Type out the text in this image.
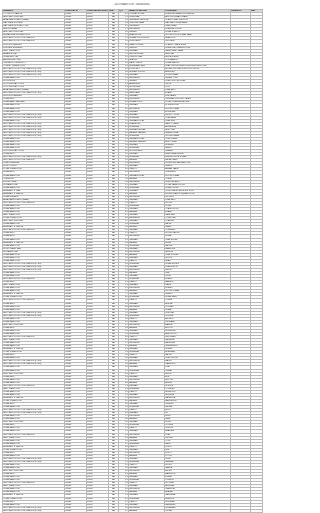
ALLOTMENT LIST - RECEIVING
REMARKS	PRINCIPAL ID	PRINCIPAL/DECKPAL ID	DEST	QTY	NAME OF SHIPPER	CONSIGNEE	ORDER NO	BAL
TO OUR CO SAMPLE	ID0041	49923	AB	4.5	COMPAS STONE	FRESH NET/MARK INTEGRATED		
BEST BEST PRINTING	ID0041	46926	AB	3.5	CERBONAL	AIRCON PRIMARY MARK		
ALBATRAIN FOREST (SEAN)	ID0041	49926	AB	3.3	GERIMEND LACE SET	CLARK JONES SURPLUS		
MAX CARE & FOREST	ID0041	49925	AB	2.8	VENTURE DEAN	MAX WAY 4 ROSE BANK		
MAX CARE (SPECIAL) CORP	ID0041	49926	AB	4.1	GERIMEND	CARE DEAN		
NESTLE JAPAN	ID0041	49926	AB	2.7	MILLENIUM	PREMIUM FOODS		
BEST BEST PRINTING	ID0041	49926	AB	3.0	GERBIN	PRIME STARCO		
NISSAN FINE DISTRIBUTORS	ID0041	49924	AB	2.1	BEAN FILTER	ROUTE ROUTE STRAW LAND		
NELO BEST FOOD CORPORATION	ID0041	49925	AB	4.1	DURAM FOOD GROUP	NEARTOOL		
NELO BEST FOOD CORPORATION	ID0041	49924	AB	3.9	FRIGO BEST	LIDO BEST		
FRUITS IN CARRIER	ID0041	49925	AB	4.0	SMART & FREE	CLASSIC TRADE BURE		
FURTHER BUSINESS	ID0041	49925	AB	3.2	GUERIN	PINES ONE TRADING CORP		
FAST TRAIN FOOD	ID0041	49926	AB	3.0	GERMAN	LANES MEET SEAM		
BALANCE ONE	ID0041	49926	AB	2.1	MELTIN HOUSE	NEUTRAL		
PRIME BEST (M)	ID0041	49926	AB	4.5	TEMPLE STAR	NIKITA GREEN		
AMOBILE ME CORP	ID0041	49925	AB	3.7	SEA LIST	OLD MANSOO		
THE MELLO UNIVERSITY	ID0041	49926	AB	2.0	MAGIC UNION	PRIME RADIUS		
TO BEST PRIMER CORP	ID0041	49921	AB	3.3	RIVERMANZ MFG	PRACTICE DISTRIBUTION WORKS FILE CORP		
NELO BEST FOOD CORPORATION (PTRN)	ID0041	49926	AB	4.0	FOOD UNIT	BOUND DISTRIBUTION FOOD GROUP		
NELO BEST FOOD CORPORATION (PTRN)	ID0041	49921	AB	3.8	DEVIANT FOODS	ASSISTED		
NELO BEST FOOD CORPORATION (PTRN)	ID0041	49926	AB	2.4	GERMAN	POLESTREAM		
PRIME HAM FOOD	ID0041	49926	AB	4.3	MILLENIUM	INN AIR TYPE		
SLOW MOVE	ID0041	49926	AB	2.7	GERBIN	PREVIOUS PRE SCAN		
POLO SPECIAL - FOOD	ID0041	49923	AB	3.3	ANDERSON	ICE JR		
POLO SPECIAL - FOOD	ID0041	49925	AB	3.5	NUTRE BEST	LYLE		
ALBATRAIN FOREST (SEAN)	ID0041	49925	AB	1.3	MILLENIUM	STAR BEST		
NELO BEST FOOD CORPORATION (PTRN)	ID0041	49925	AB	3.0	SAFE LAND	FRANK		
FRUITS IN CARRIER	ID0041	49924	AB	2.5	GERMAN	VEN LANES		
PRIME BEST	ID0041	49926	AB	4.0	MILLENIUM	ORIGINAL GROCERY LANES		
PRIME HAM - MAX BEST	ID0041	49926	AB	4.4	DURAM FOOD	LOYAL COMMUNICATIONS		
PRIME HAM FOOD	ID0041	49926	AB	2.5	GERMAN	SPRINGS DIVE		
PRIME HAM FOOD	ID0041	49922	AB	3.2	MILLENIUM	ROUTE STRAW		
PRIME HAM FOOD	ID0041	49926	AB	2.2	GERMAN	MOUNTAIN		
NELO BEST FOOD CORPORATION (PTRN)	ID0041	49925	AB	4.0	GERMAN	FELICITY CORP		
NELO BEST FOOD CORPORATION (PTRN)	ID0041	49926	AB	3.9	SUNSHINE	TREE FARM		
PRIME HAM FOOD	ID0041	49926	AB	2.1	GERMAN LOCAL	STAR SUN		
NELO BEST FOOD CORPORATION (PTRN)	ID0041	49926	AB	2.8	FRAMWORK	HAPPY TRADE		
NELO BEST FOOD CORPORATION (PTRN)	ID0041	49925	AB	4.2	SUNSHINE	ALUMINIUM		
NELO BEST FOOD CORPORATION (PTRN)	ID0041	49926	AB	1.9	GERMAN GLOBAL	BEST LINE		
NELO BEST FOOD CORPORATION (PTRN)	ID0041	49926	AB	3.5	FARMER GARDEN	GREEN PRIME		
NELO BEST FOOD CORPORATION (PTRN)	ID0041	49926	AB	3.0	SUNSHINE	CROSS FRAME		
PRIME HAM FOOD	ID0041	49926	AB	4.1	GERMAN LOCAL	TRUE PRIME		
PRIME HAM FOOD	ID0041	49924	AB	3.4	FARMER GARDEN	BEST PRIME		
PRIME HAM FOOD	ID0041	49926	AB	2.6	GERMAN	SUNRISE		
PRIME HAM FOOD	ID0041	49926	AB	3.5	SUNSHINE	SANDO		
POLO SPECIAL - FOOD	ID0041	49926	AB	4.0	GOOGLE BEST	LEADER		
PRIME BEST	ID0041	49926	AB	3.5	GERMAN	SAND SEAM HOUSE		
NELO BEST FOOD CORPORATION (PTRN)	ID0041	49926	AB	2.8	SUNSHINE	LEMON ROUTE STRAW		
NELO BEST FOOD CORPORATION	ID0041	49925	AB	3.9	FARMER	FACIAL LAND		
STEEL UNIVERSE	ID0041	49926	AB	4.1	MILLENIUM	PROMOTED SATISFACTION		
FROSTY FIELD	ID0041	49926	AB	2.3	GERMAN	GRACE		
LOCAL PRIME FOOD	ID0041	49924	AB	3.0	LIBERTY	ANIMAL TABLE		
PRIME BEST	ID0041	49926	AB	3.6	MILLENIUM	CREDENCE		
PRIME HAM FOOD	ID0041	49926	AB	4.2	GERMAN LOCAL	ROUTE STRAW		
CLAYMORE	ID0041	49926	AB	2.4	FARMER	TREND		
EXPORT WINE	ID0041	49922	AB	3.8	MILLENIUM	VENTURE BEST		
FLEXABLE LINE	ID0041	49926	AB	3.1	GERMAN	LOCAL FARM GOODS		
PRIME HAM FOOD	ID0041	49925	AB	4.0	SUNSHINE	PRIME CROSS		
ASSEMBLY & TEMP	ID0041	49926	AB	2.7	GERMAN	CORPORATE PRESS MULTIPLE		
ASSEMBLY & TEMPLE	ID0041	49926	AB	3.3	FARMER	ROUND FLAVOR SQUARE FOOD		
PRIME ELEMENT	ID0041	49924	AB	4.4	MILLENIUM	GROWTH		
ALBATRAIN FOREST (SEAN)	ID0041	49926	AB	2.9	GERMAN	STAR BEST		
NELO BEST FOOD CORPORATION	ID0041	49926	AB	3.5	LIBERTY	ROUTE		
PRIME HAM FOOD	ID0041	49926	AB	2.2	SUNSHINE	LIONS		
PRIME HAM FOOD	ID0041	49925	AB	4.1	GERMAN	TRADE ROUTE		
PRIME HAM FOOD	ID0041	49926	AB	3.0	FARMER	FRANK		
FAST TRAIN FOOD	ID0041	49926	AB	3.7	GERMAN	LANE WAY		
LOCAL PRIME FOOD	ID0041	49926	AB	4.0	MILLENIUM	TOWN ONE		
BEST BEST PRINTING	ID0041	49922	AB	2.5	GERMAN	TRADING		
PRIME HAM FOOD	ID0041	49926	AB	3.4	SUNSHINE	VALUE		
ASSEMBLY & TEMPLE	ID0041	49926	AB	2.6	FARMER	SMART		
NELO BEST FOOD CORPORATION	ID0041	49926	AB	4.2	GERMAN	TOWNSHIP		
PRIME BEST	ID0041	49925	AB	3.1	LIBERTY	ROUND PANTRY		
PRIME BEST	ID0041	49926	AB	2.8	MILLENIUM	PRIME		
PRIME HAM FOOD	ID0041	49926	AB	3.9	GERMAN	STAR HOUSE		
ASSEMBLY & TEMPLE	ID0041	49926	AB	4.3	FARMER	HOME		
PRIME HAM FOOD	ID0041	49926	AB	2.0	SUNSHINE	NATION		
FOOD TRAVEL MAX	ID0041	49924	AB	3.3	GERMAN	MEADOWS		
FLEXABLE LINE	ID0041	49926	AB	3.6	MILLENIUM	NELSON		
PRIME HAM FOOD	ID0041	49926	AB	4.0	FARMER	STAR STORES		
PRIME HAM FOOD	ID0041	49926	AB	2.4	GERMAN	SOUTH		
PRIME HAM FOOD	ID0041	49925	AB	3.2	LIBERTY	DEAN		
NELO BEST FOOD CORPORATION (PTRN)	ID0041	49926	AB	3.8	SUNSHINE	PRIME WORKS		
NELO BEST FOOD CORPORATION (PTRN)	ID0041	49926	AB	2.9	GERMAN	STAR NORTH		
NELO BEST FOOD CORPORATION (PTRN)	ID0041	49926	AB	4.1	MILLENIUM	UNION		
PRIME HAM FOOD	ID0041	49924	AB	3.0	FARMER	LINE		
PRIME HAM FOOD	ID0041	49926	AB	2.6	GERMAN	VISTA		
NELO BEST FOOD CORPORATION	ID0041	49926	AB	3.7	SUNSHINE	FRESH		
PRIME BEST	ID0041	49926	AB	4.4	LIBERTY	HARBOR		
FAST TRAIN FOOD	ID0041	49925	AB	2.3	GERMAN	OASIS		
PRIME HAM FOOD	ID0041	49926	AB	3.5	MILLENIUM	SUMMIT		
PRIME HAM FOOD	ID0041	49926	AB	3.9	FARMER	ROUTE STRAW		
ASSEMBLY & TEMPLE	ID0041	49926	AB	2.7	GERMAN	LEGACY		
LOCAL PRIME FOOD	ID0041	49926	AB	4.0	SUNSHINE	PRIME GATE		
NELO BEST FOOD CORPORATION	ID0041	49924	AB	3.1	LIBERTY	TOWER		
PRIME BEST	ID0041	49926	AB	2.8	GERMAN	BRIDGE		
PRIME HAM FOOD	ID0041	49926	AB	3.6	MILLENIUM	CORNER		
PRIME HAM FOOD	ID0041	49926	AB	4.2	FARMER	PLAZA		
NELO BEST FOOD CORPORATION (PTRN)	ID0041	49925	AB	2.5	GERMAN	CENTRAL		
NELO BEST FOOD CORPORATION (PTRN)	ID0041	49926	AB	3.3	SUNSHINE	GOLDEN		
PRIME HAM FOOD	ID0041	49926	AB	3.0	LIBERTY	ANCHOR		
PRIME HAM FOOD	ID0041	49926	AB	4.1	GERMAN	ORCHARD		
BEST BEST PRINTING	ID0041	49926	AB	2.2	MILLENIUM	MARKET		
PRIME BEST	ID0041	49924	AB	3.8	FARMER	HILLTOP		
PRIME HAM FOOD	ID0041	49926	AB	3.4	GERMAN	RIVERSIDE		
PRIME HAM FOOD	ID0041	49926	AB	2.9	SUNSHINE	EASTWOOD		
NELO BEST FOOD CORPORATION	ID0041	49926	AB	4.0	LIBERTY	WESTGATE		
FAST TRAIN FOOD	ID0041	49925	AB	3.2	GERMAN	LAKESIDE		
PRIME HAM FOOD	ID0041	49926	AB	2.7	MILLENIUM	PARKVIEW		
PRIME HAM FOOD	ID0041	49926	AB	3.9	FARMER	GREENFIELD		
ASSEMBLY & TEMPLE	ID0041	49926	AB	4.3	GERMAN	SUNSET		
LOCAL PRIME FOOD	ID0041	49926	AB	2.4	SUNSHINE	HIGHLAND		
PRIME BEST	ID0041	49924	AB	3.6	LIBERTY	VALLEY		
PRIME HAM FOOD	ID0041	49926	AB	3.0	GERMAN	CRESTWOOD		
NELO BEST FOOD CORPORATION (PTRN)	ID0041	49926	AB	4.2	MILLENIUM	MAPLE		
NELO BEST FOOD CORPORATION (PTRN)	ID0041	49926	AB	2.8	FARMER	OAKWOOD		
PRIME HAM FOOD	ID0041	49925	AB	3.5	GERMAN	PINE		
PRIME HAM FOOD	ID0041	49926	AB	3.1	SUNSHINE	CEDAR		
BEST BEST PRINTING	ID0041	49926	AB	4.0	LIBERTY	BIRCH		
PRIME BEST	ID0041	49926	AB	2.6	GERMAN	ELM		
PRIME HAM FOOD	ID0041	49926	AB	3.7	MILLENIUM	WILLOW		
PRIME HAM FOOD	ID0041	49924	AB	4.4	FARMER	ASPEN		
NELO BEST FOOD CORPORATION	ID0041	49926	AB	2.3	GERMAN	SPRUCE		
FAST TRAIN FOOD	ID0041	49926	AB	3.3	SUNSHINE	CYPRESS		
PRIME HAM FOOD	ID0041	49926	AB	3.9	LIBERTY	REDWOOD		
PRIME HAM FOOD	ID0041	49925	AB	2.5	GERMAN	SEQUOIA		
ASSEMBLY & TEMPLE	ID0041	49926	AB	4.1	MILLENIUM	MAGNOLIA		
LOCAL PRIME FOOD	ID0041	49926	AB	3.0	FARMER	HAWTHORN		
PRIME BEST	ID0041	49926	AB	3.6	GERMAN	JUNIPER		
PRIME HAM FOOD	ID0041	49926	AB	2.9	SUNSHINE	LAUREL		
NELO BEST FOOD CORPORATION (PTRN)	ID0041	49924	AB	4.2	LIBERTY	HOLLY		
NELO BEST FOOD CORPORATION (PTRN)	ID0041	49926	AB	3.4	GERMAN	IVY		
PRIME HAM FOOD	ID0041	49926	AB	2.7	MILLENIUM	FERN		
PRIME HAM FOOD	ID0041	49926	AB	3.8	FARMER	SAGE		
BEST BEST PRINTING	ID0041	49925	AB	4.0	GERMAN	MOSS		
PRIME BEST	ID0041	49926	AB	3.1	SUNSHINE	CLOVER		
PRIME HAM FOOD	ID0041	49926	AB	2.4	LIBERTY	THISTLE		
PRIME HAM FOOD	ID0041	49926	AB	3.5	GERMAN	HEATHER		
NELO BEST FOOD CORPORATION	ID0041	49926	AB	4.3	MILLENIUM	LILAC		
FAST TRAIN FOOD	ID0041	49924	AB	3.0	FARMER	ORCHID		
PRIME HAM FOOD	ID0041	49926	AB	2.8	GERMAN	TULIP		
PRIME HAM FOOD	ID0041	49926	AB	3.7	SUNSHINE	DAISY		
ASSEMBLY & TEMPLE	ID0041	49926	AB	4.0	LIBERTY	VIOLET		
LOCAL PRIME FOOD	ID0041	49925	AB	2.6	GERMAN	IRIS		
PRIME BEST	ID0041	49926	AB	3.3	MILLENIUM	POPPY		
PRIME HAM FOOD	ID0041	49926	AB	3.9	FARMER	LOTUS		
NELO BEST FOOD CORPORATION (PTRN)	ID0041	49926	AB	2.5	GERMAN	ROSE		
NELO BEST FOOD CORPORATION (PTRN)	ID0041	49926	AB	4.1	SUNSHINE	JASMINE		
PRIME HAM FOOD	ID0041	49924	AB	3.2	LIBERTY	PEONY		
PRIME HAM FOOD	ID0041	49926	AB	2.9	GERMAN	DAHLIA		
BEST BEST PRINTING	ID0041	49926	AB	3.6	MILLENIUM	ASTER		
PRIME BEST	ID0041	49926	AB	4.4	FARMER	MARIGOLD		
PRIME HAM FOOD	ID0041	49925	AB	2.3	GERMAN	ZINNIA		
PRIME HAM FOOD	ID0041	49926	AB	3.4	SUNSHINE	COSMOS		
NELO BEST FOOD CORPORATION	ID0041	49926	AB	3.8	LIBERTY	PETUNIA		
FAST TRAIN FOOD	ID0041	49926	AB	2.7	GERMAN	BEGONIA		
PRIME HAM FOOD	ID0041	49926	AB	4.0	MILLENIUM	CAMELLIA		
PRIME HAM FOOD	ID0041	49924	AB	3.1	FARMER	AZALEA		
ASSEMBLY & TEMPLE	ID0041	49926	AB	2.4	GERMAN	GARDENIA		
LOCAL PRIME FOOD	ID0041	49926	AB	3.5	SUNSHINE	HIBISCUS		
PRIME BEST	ID0041	49926	AB	4.2	LIBERTY	WISTERIA		
PRIME HAM FOOD	ID0041	49925	AB	3.0	GERMAN	LAVENDER		
NELO BEST FOOD CORPORATION (PTRN)	ID0041	49926	AB	2.8	MILLENIUM	ROSEMARY		
NELO BEST FOOD CORPORATION (PTRN)	ID0041	49926	AB	3.7	FARMER	THYME		
